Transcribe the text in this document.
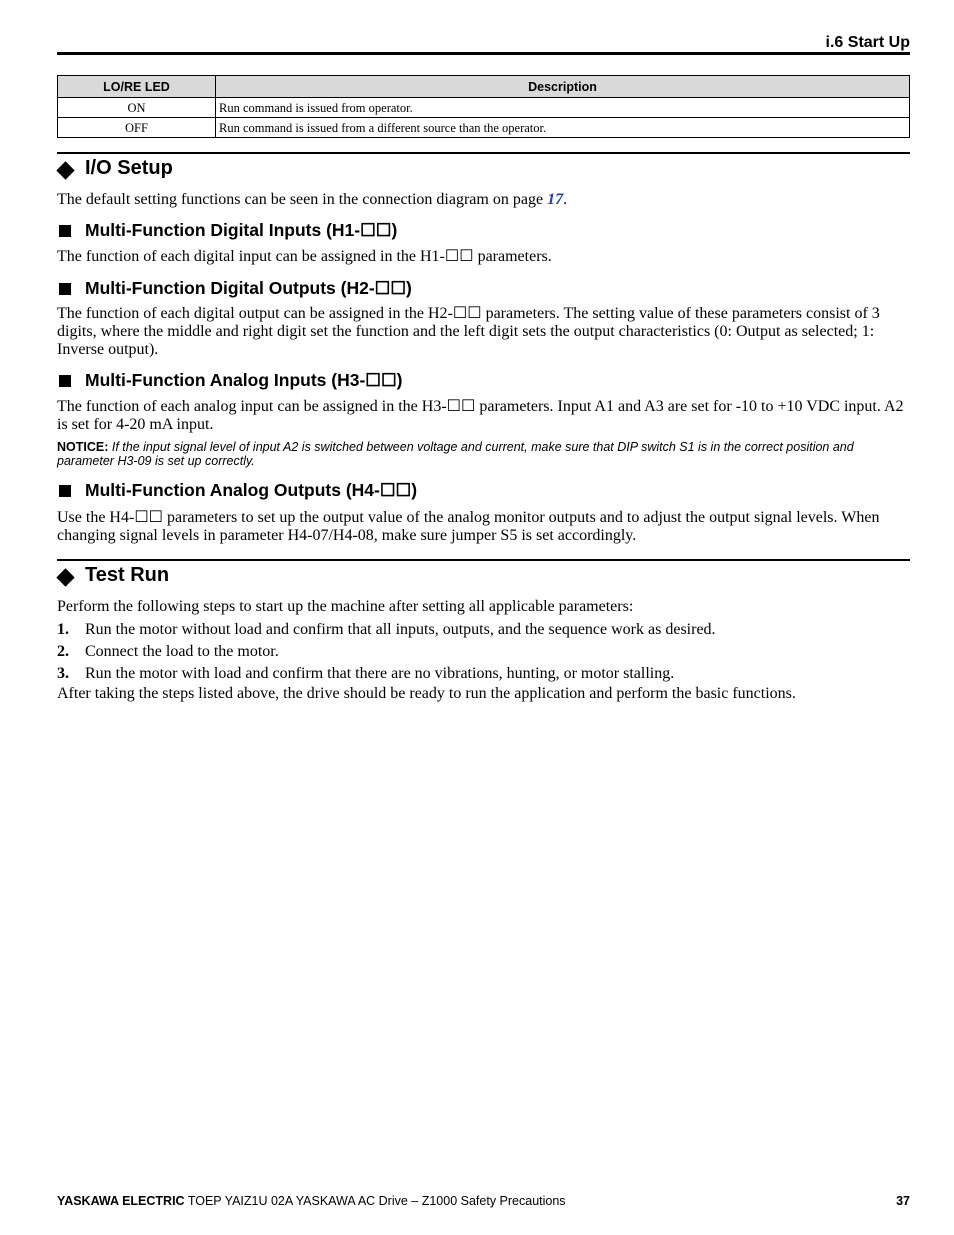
i.6 Start Up
LO/RE LED	Description
ON	Run command is issued from operator.
OFF	Run command is issued from a different source than the operator.
I/O Setup

The default setting functions can be seen in the connection diagram on page 17.

Multi-Function Digital Inputs (H1-☐☐)

The function of each digital input can be assigned in the H1-☐☐ parameters.

Multi-Function Digital Outputs (H2-☐☐)

The function of each digital output can be assigned in the H2-☐☐ parameters. The setting value of these parameters consist of 3 digits, where the middle and right digit set the function and the left digit sets the output characteristics (0: Output as selected; 1: Inverse output).

Multi-Function Analog Inputs (H3-☐☐)

The function of each analog input can be assigned in the H3-☐☐ parameters. Input A1 and A3 are set for -10 to +10 VDC input. A2 is set for 4-20 mA input.

NOTICE: If the input signal level of input A2 is switched between voltage and current, make sure that DIP switch S1 is in the correct position and parameter H3-09 is set up correctly.

Multi-Function Analog Outputs (H4-☐☐)

Use the H4-☐☐ parameters to set up the output value of the analog monitor outputs and to adjust the output signal levels. When changing signal levels in parameter H4-07/H4-08, make sure jumper S5 is set accordingly.

Test Run

Perform the following steps to start up the machine after setting all applicable parameters:

1. Run the motor without load and confirm that all inputs, outputs, and the sequence work as desired.
2. Connect the load to the motor.
3. Run the motor with load and confirm that there are no vibrations, hunting, or motor stalling.

After taking the steps listed above, the drive should be ready to run the application and perform the basic functions.

YASKAWA ELECTRIC TOEP YAIZ1U 02A YASKAWA AC Drive – Z1000 Safety Precautions	37
